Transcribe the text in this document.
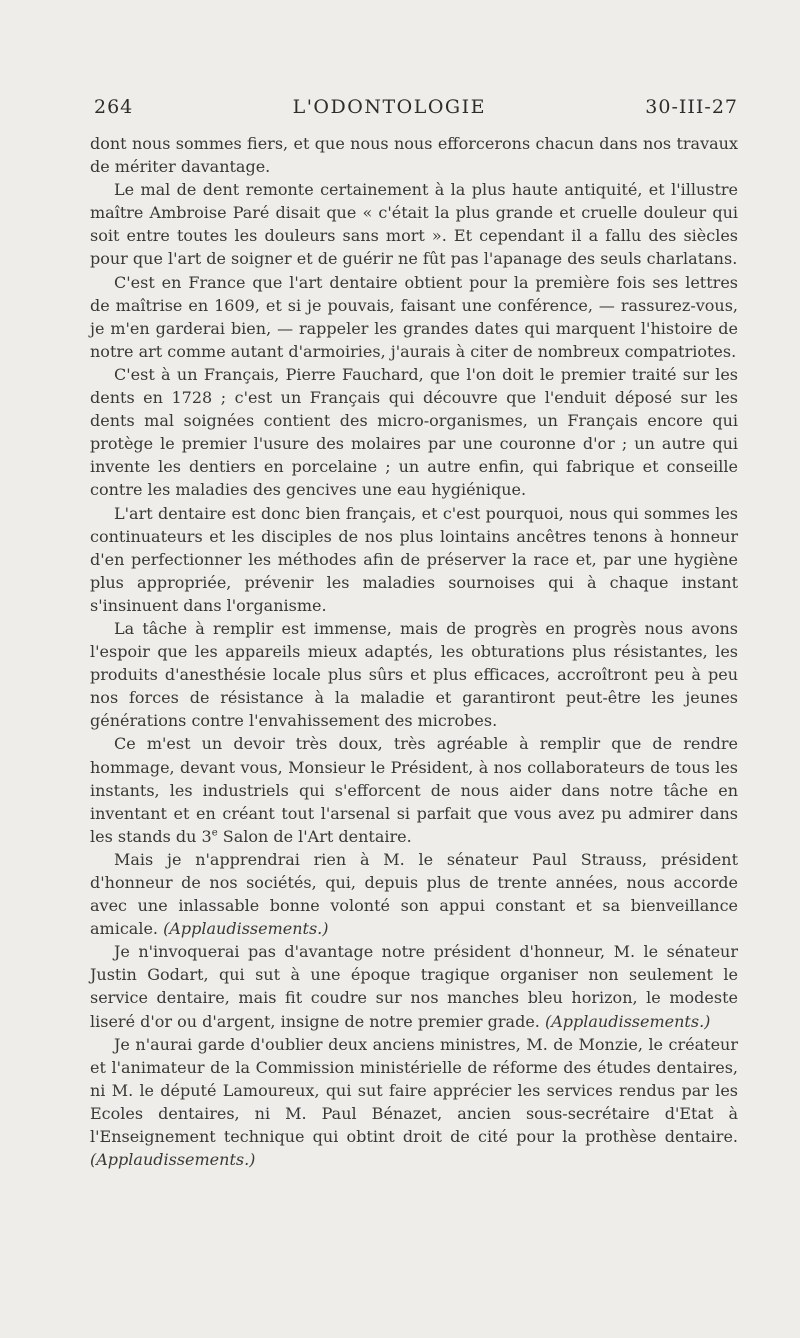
264	L'ODONTOLOGIE	30-III-27

dont nous sommes fiers, et que nous nous efforcerons chacun dans nos travaux de mériter davantage.

Le mal de dent remonte certainement à la plus haute antiquité, et l'illustre maître Ambroise Paré disait que « c'était la plus grande et cruelle douleur qui soit entre toutes les douleurs sans mort ». Et cependant il a fallu des siècles pour que l'art de soigner et de guérir ne fût pas l'apanage des seuls charlatans.

C'est en France que l'art dentaire obtient pour la première fois ses lettres de maîtrise en 1609, et si je pouvais, faisant une conférence, — rassurez-vous, je m'en garderai bien, — rappeler les grandes dates qui marquent l'histoire de notre art comme autant d'armoiries, j'aurais à citer de nombreux compatriotes.

C'est à un Français, Pierre Fauchard, que l'on doit le premier traité sur les dents en 1728 ; c'est un Français qui découvre que l'enduit déposé sur les dents mal soignées contient des micro-organismes, un Français encore qui protège le premier l'usure des molaires par une couronne d'or ; un autre qui invente les dentiers en porcelaine ; un autre enfin, qui fabrique et conseille contre les maladies des gencives une eau hygiénique.

L'art dentaire est donc bien français, et c'est pourquoi, nous qui sommes les continuateurs et les disciples de nos plus lointains ancêtres tenons à honneur d'en perfectionner les méthodes afin de préserver la race et, par une hygiène plus appropriée, prévenir les maladies sournoises qui à chaque instant s'insinuent dans l'organisme.

La tâche à remplir est immense, mais de progrès en progrès nous avons l'espoir que les appareils mieux adaptés, les obturations plus résistantes, les produits d'anesthésie locale plus sûrs et plus efficaces, accroîtront peu à peu nos forces de résistance à la maladie et garantiront peut-être les jeunes générations contre l'envahissement des microbes.

Ce m'est un devoir très doux, très agréable à remplir que de rendre hommage, devant vous, Monsieur le Président, à nos collaborateurs de tous les instants, les industriels qui s'efforcent de nous aider dans notre tâche en inventant et en créant tout l'arsenal si parfait que vous avez pu admirer dans les stands du 3e Salon de l'Art dentaire.

Mais je n'apprendrai rien à M. le sénateur Paul Strauss, président d'honneur de nos sociétés, qui, depuis plus de trente années, nous accorde avec une inlassable bonne volonté son appui constant et sa bienveillance amicale. (Applaudissements.)

Je n'invoquerai pas d'avantage notre président d'honneur, M. le sénateur Justin Godart, qui sut à une époque tragique organiser non seulement le service dentaire, mais fit coudre sur nos manches bleu horizon, le modeste liseré d'or ou d'argent, insigne de notre premier grade. (Applaudissements.)

Je n'aurai garde d'oublier deux anciens ministres, M. de Monzie, le créateur et l'animateur de la Commission ministérielle de réforme des études dentaires, ni M. le député Lamoureux, qui sut faire apprécier les services rendus par les Ecoles dentaires, ni M. Paul Bénazet, ancien sous-secrétaire d'Etat à l'Enseignement technique qui obtint droit de cité pour la prothèse dentaire. (Applaudissements.)
